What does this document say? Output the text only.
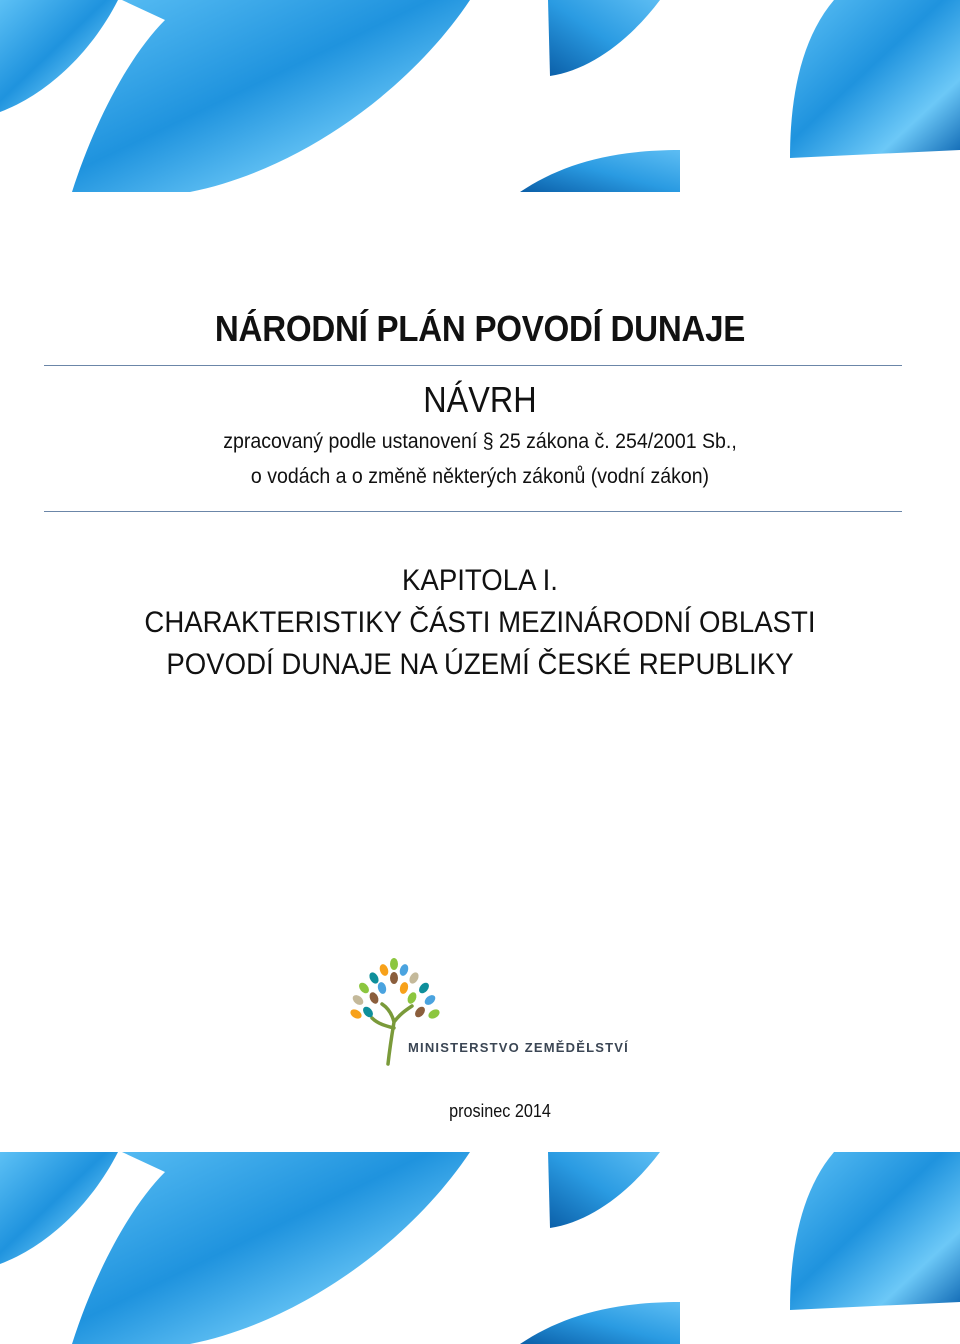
NÁRODNÍ PLÁN POVODÍ DUNAJE
NÁVRH
zpracovaný podle ustanovení § 25 zákona č. 254/2001 Sb.,
o vodách a o změně některých zákonů (vodní zákon)
KAPITOLA I.
CHARAKTERISTIKY ČÁSTI MEZINÁRODNÍ OBLASTI
POVODÍ DUNAJE NA ÚZEMÍ ČESKÉ REPUBLIKY
MINISTERSTVO ZEMĚDĚLSTVÍ
prosinec 2014
